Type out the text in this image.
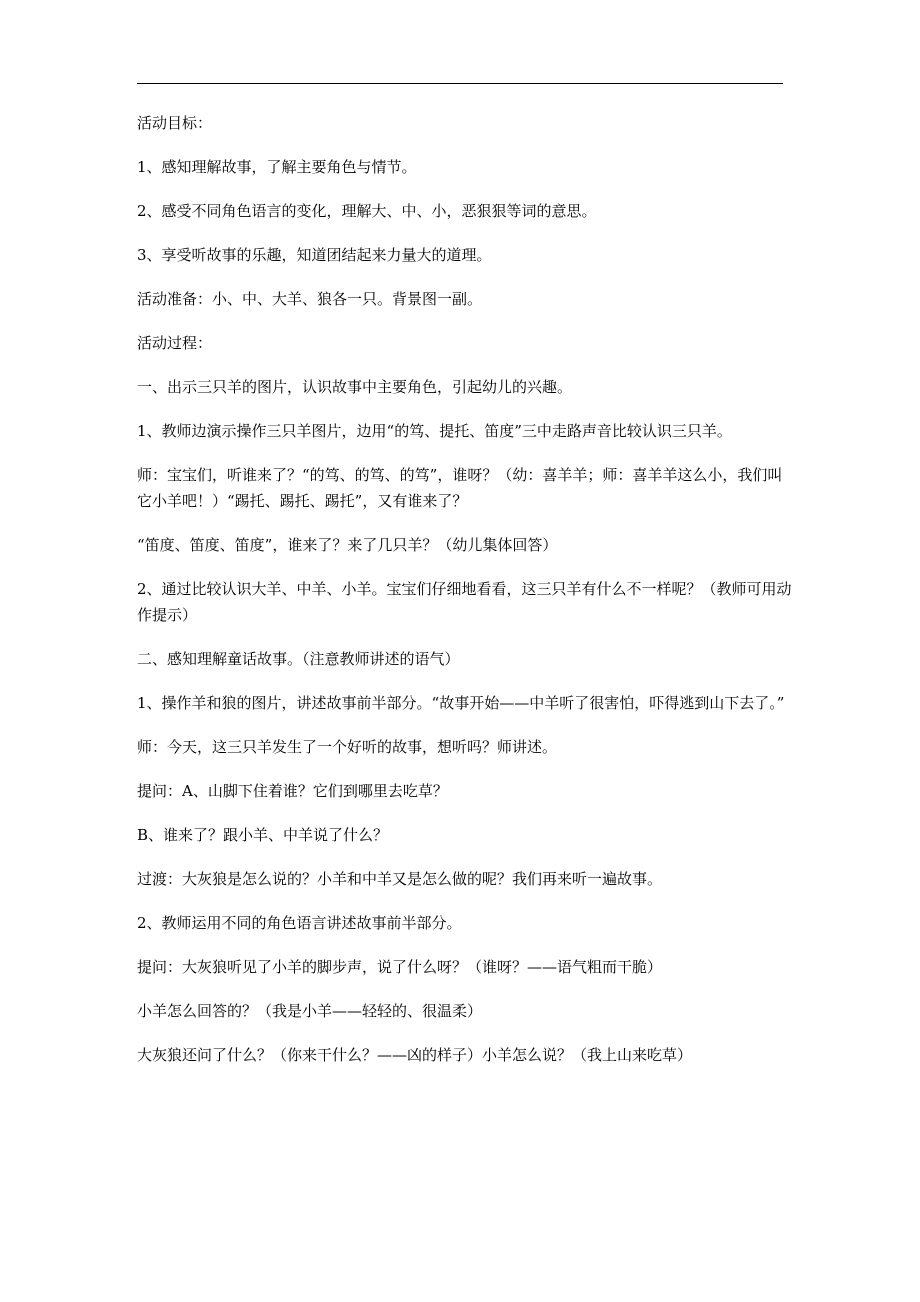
活动目标：

1、感知理解故事，了解主要角色与情节。

2、感受不同角色语言的变化，理解大、中、小，恶狠狠等词的意思。

3、享受听故事的乐趣，知道团结起来力量大的道理。

活动准备：小、中、大羊、狼各一只。背景图一副。

活动过程：

一、出示三只羊的图片，认识故事中主要角色，引起幼儿的兴趣。

1、教师边演示操作三只羊图片，边用“的笃、提托、笛度”三中走路声音比较认识三只羊。

师：宝宝们，听谁来了？“的笃、的笃、的笃”，谁呀？（幼：喜羊羊；师：喜羊羊这么小，我们叫它小羊吧！）“踢托、踢托、踢托”，又有谁来了？

“笛度、笛度、笛度”，谁来了？来了几只羊？（幼儿集体回答）

2、通过比较认识大羊、中羊、小羊。宝宝们仔细地看看，这三只羊有什么不一样呢？（教师可用动作提示）

二、感知理解童话故事。（注意教师讲述的语气）

1、操作羊和狼的图片，讲述故事前半部分。“故事开始——中羊听了很害怕，吓得逃到山下去了。”

师：今天，这三只羊发生了一个好听的故事，想听吗？师讲述。

提问：A、山脚下住着谁？它们到哪里去吃草？

B、谁来了？跟小羊、中羊说了什么？

过渡：大灰狼是怎么说的？小羊和中羊又是怎么做的呢？我们再来听一遍故事。

2、教师运用不同的角色语言讲述故事前半部分。

提问：大灰狼听见了小羊的脚步声，说了什么呀？（谁呀？——语气粗而干脆）

小羊怎么回答的？（我是小羊——轻轻的、很温柔）

大灰狼还问了什么？（你来干什么？——凶的样子）小羊怎么说？（我上山来吃草）
